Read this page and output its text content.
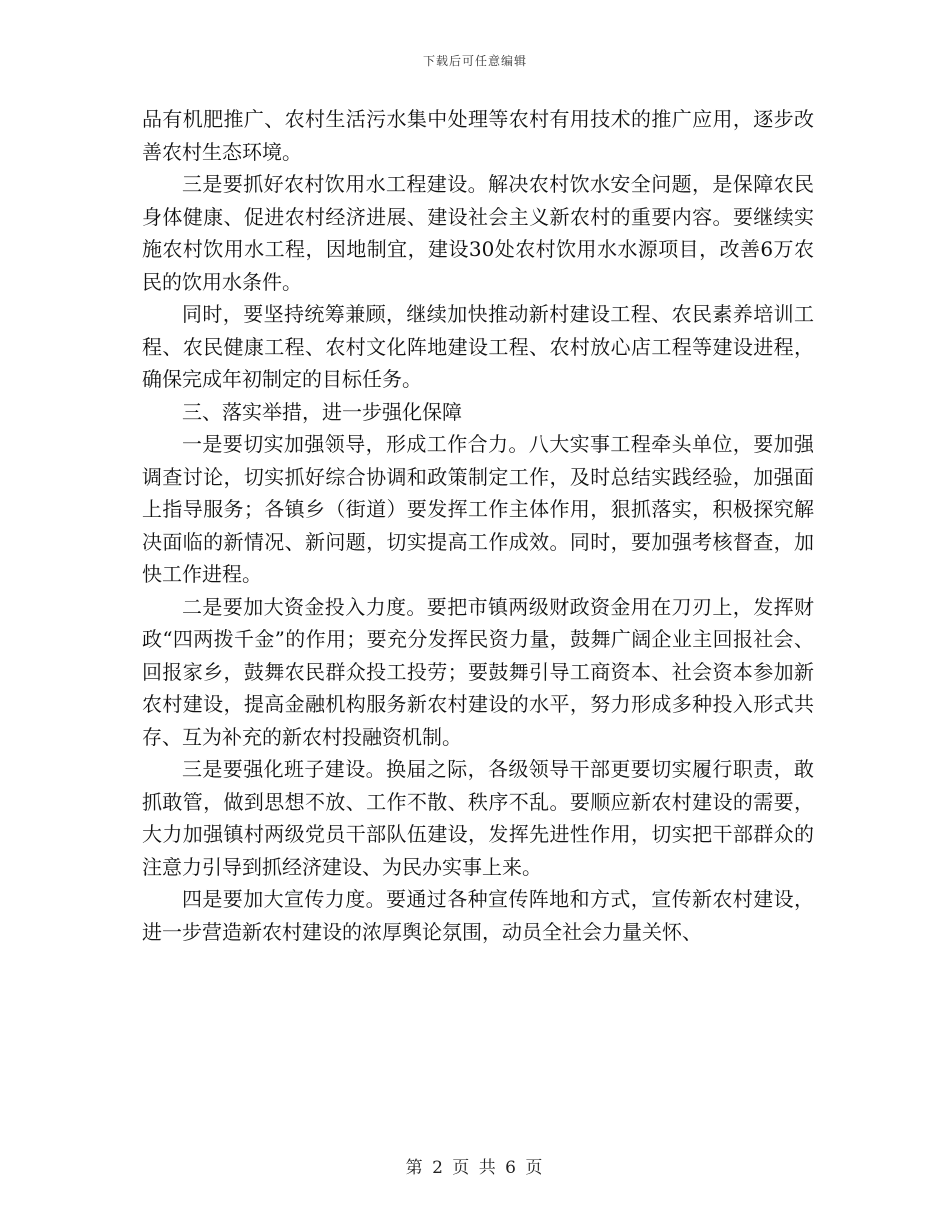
下载后可任意编辑

品有机肥推广、农村生活污水集中处理等农村有用技术的推广应用，逐步改善农村生态环境。

三是要抓好农村饮用水工程建设。解决农村饮水安全问题，是保障农民身体健康、促进农村经济进展、建设社会主义新农村的重要内容。要继续实施农村饮用水工程，因地制宜，建设30处农村饮用水水源项目，改善6万农民的饮用水条件。

同时，要坚持统筹兼顾，继续加快推动新村建设工程、农民素养培训工程、农民健康工程、农村文化阵地建设工程、农村放心店工程等建设进程，确保完成年初制定的目标任务。

三、落实举措，进一步强化保障

一是要切实加强领导，形成工作合力。八大实事工程牵头单位，要加强调查讨论，切实抓好综合协调和政策制定工作，及时总结实践经验，加强面上指导服务；各镇乡（街道）要发挥工作主体作用，狠抓落实，积极探究解决面临的新情况、新问题，切实提高工作成效。同时，要加强考核督查，加快工作进程。

二是要加大资金投入力度。要把市镇两级财政资金用在刀刃上，发挥财政“四两拨千金”的作用；要充分发挥民资力量，鼓舞广阔企业主回报社会、回报家乡，鼓舞农民群众投工投劳；要鼓舞引导工商资本、社会资本参加新农村建设，提高金融机构服务新农村建设的水平，努力形成多种投入形式共存、互为补充的新农村投融资机制。

三是要强化班子建设。换届之际，各级领导干部更要切实履行职责，敢抓敢管，做到思想不放、工作不散、秩序不乱。要顺应新农村建设的需要，大力加强镇村两级党员干部队伍建设，发挥先进性作用，切实把干部群众的注意力引导到抓经济建设、为民办实事上来。

四是要加大宣传力度。要通过各种宣传阵地和方式，宣传新农村建设，进一步营造新农村建设的浓厚舆论氛围，动员全社会力量关怀、

第 2 页 共 6 页
